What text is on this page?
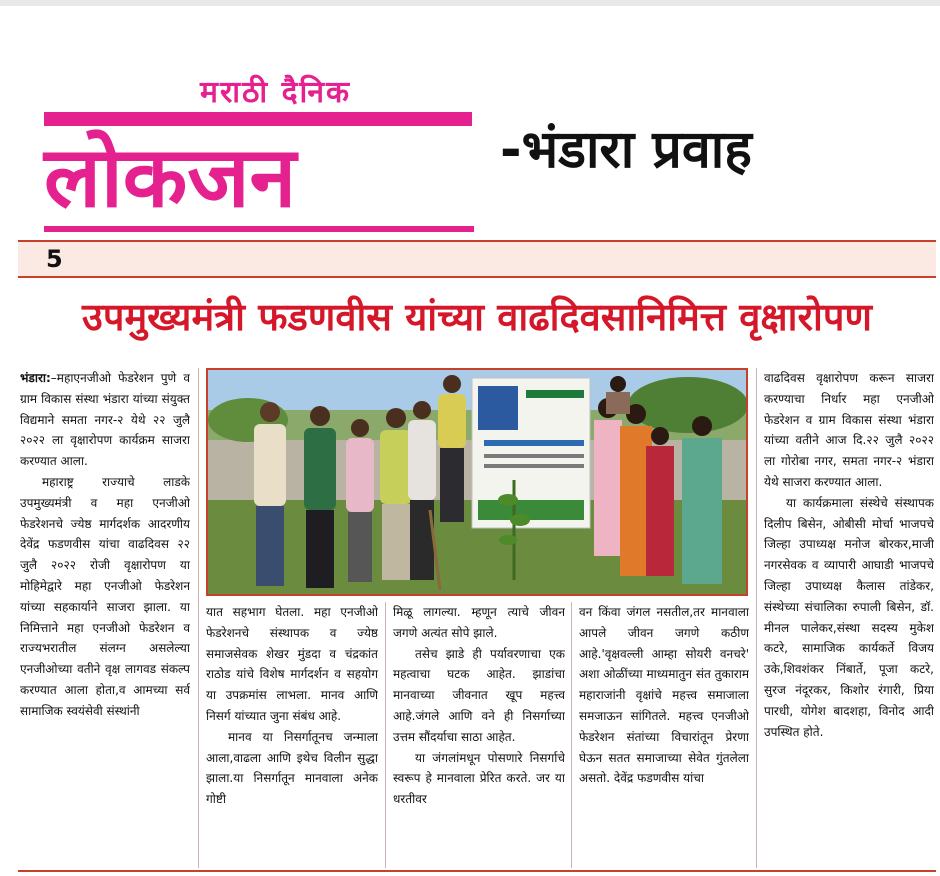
मराठी दैनिक
लोकजन	-भंडारा प्रवाह
5
उपमुख्यमंत्री फडणवीस यांच्या वाढदिवसानिमित्त वृक्षारोपण

भंडारा:–महाएनजीओ फेडरेशन पुणे व ग्राम विकास संस्था भंडारा यांच्या संयुक्त विद्यमाने समता नगर-२ येथे २२ जुलै २०२२ ला वृक्षारोपण कार्यक्रम साजरा करण्यात आला.

महाराष्ट्र राज्याचे लाडके उपमुख्यमंत्री व महा एनजीओ फेडरेशनचे ज्येष्ठ मार्गदर्शक आदरणीय देवेंद्र फडणवीस यांचा वाढदिवस २२ जुलै २०२२ रोजी वृक्षारोपण या मोहिमेद्वारे महा एनजीओ फेडरेशन यांच्या सहकार्याने साजरा झाला. या निमित्ताने महा एनजीओ फेडरेशन व राज्यभरातील संलग्न असलेल्या एनजीओच्या वतीने वृक्ष लागवड संकल्प करण्यात आला होता,व आमच्या सर्व सामाजिक स्वयंसेवी संस्थांनी

यात सहभाग घेतला. महा एनजीओ फेडरेशनचे संस्थापक व ज्येष्ठ समाजसेवक शेखर मुंडदा व चंद्रकांत राठोड यांचे विशेष मार्गदर्शन व सहयोग या उपक्रमांस लाभला. मानव आणि निसर्ग यांच्यात जुना संबंध आहे.

मानव या निसर्गातूनच जन्माला आला,वाढला आणि इथेच विलीन सुद्धा झाला.या निसर्गातून मानवाला अनेक गोष्टी

मिळू लागल्या. म्हणून त्याचे जीवन जगणे अत्यंत सोपे झाले.

तसेच झाडे ही पर्यावरणाचा एक महत्वाचा घटक आहेत. झाडांचा मानवाच्या जीवनात खूप महत्त्व आहे.जंगले आणि वने ही निसर्गाच्या उत्तम सौंदर्याचा साठा आहेत.

या जंगलांमधून पोसणारे निसर्गाचे स्वरूप हे मानवाला प्रेरित करते. जर या धरतीवर

वन किंवा जंगल नसतील,तर मानवाला आपले जीवन जगणे कठीण आहे.'वृक्षवल्ली आम्हा सोयरी वनचरे' अशा ओळींच्या माध्यमातुन संत तुकाराम महाराजांनी वृक्षांचे महत्त्व समाजाला समजाऊन सांगितले. महत्त्व एनजीओ फेडरेशन संतांच्या विचारांतून प्रेरणा घेऊन सतत समाजाच्या सेवेत गुंतलेला असतो. देवेंद्र फडणवीस यांचा

वाढदिवस वृक्षारोपण करून साजरा करण्याचा निर्धार महा एनजीओ फेडरेशन व ग्राम विकास संस्था भंडारा यांच्या वतीने आज दि.२२ जुलै २०२२ ला गोरोबा नगर, समता नगर-२ भंडारा येथे साजरा करण्यात आला.

या कार्यक्रमाला संस्थेचे संस्थापक दिलीप बिसेन, ओबीसी मोर्चा भाजपचे जिल्हा उपाध्यक्ष मनोज बोरकर,माजी नगरसेवक व व्यापारी आघाडी भाजपचे जिल्हा उपाध्यक्ष कैलास तांडेकर, संस्थेच्या संचालिका रुपाली बिसेन, डॉ. मीनल पालेकर,संस्था सदस्य मुकेश कटरे, सामाजिक कार्यकर्ते विजय उके,शिवशंकर निंबार्ते, पूजा कटरे, सुरज नंदूरकर, किशोर रंगारी, प्रिया पारधी, योगेश बादशहा, विनोद आदी उपस्थित होते.
